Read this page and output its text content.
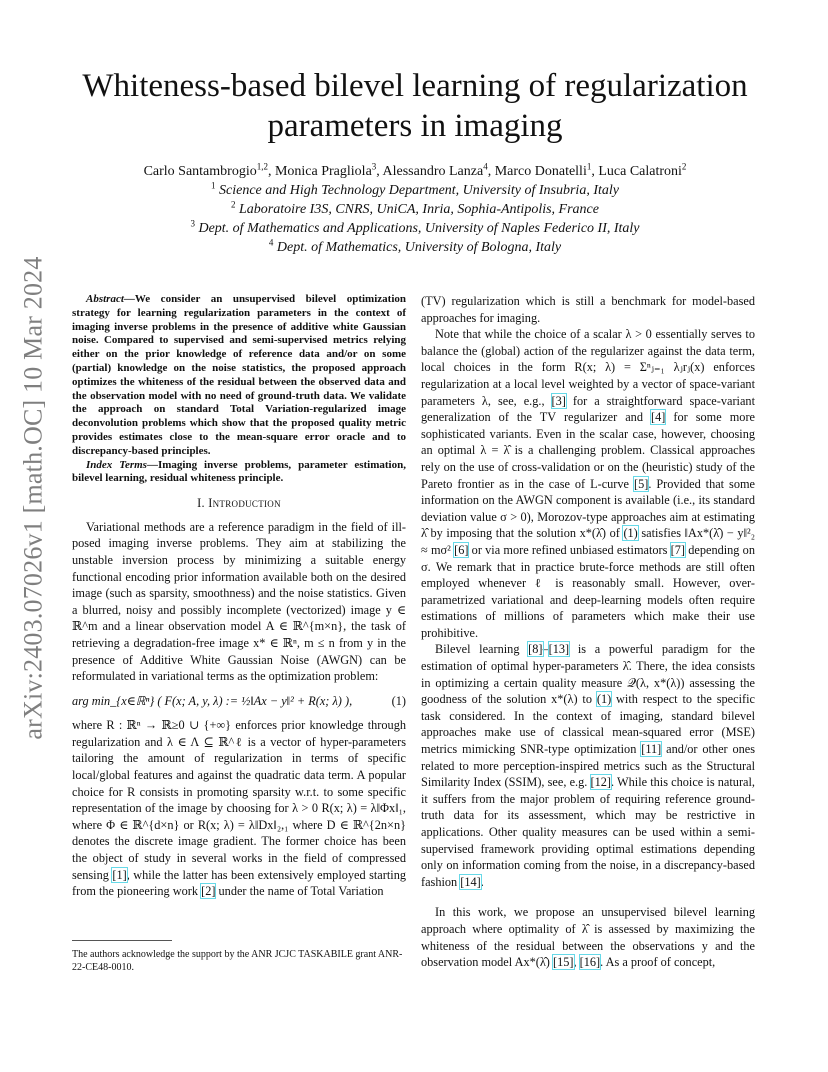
arXiv:2403.07026v1 [math.OC] 10 Mar 2024
Whiteness-based bilevel learning of regularization parameters in imaging
Carlo Santambrogio$^{1,2}$, Monica Pragliola$^3$, Alessandro Lanza$^4$, Marco Donatelli$^1$, Luca Calatroni$^2$
$^1$ Science and High Technology Department, University of Insubria, Italy
$^2$ Laboratoire I3S, CNRS, UniCA, Inria, Sophia-Antipolis, France
$^3$ Dept. of Mathematics and Applications, University of Naples Federico II, Italy
$^4$ Dept. of Mathematics, University of Bologna, Italy

Abstract—We consider an unsupervised bilevel optimization strategy for learning regularization parameters in the context of imaging inverse problems in the presence of additive white Gaussian noise. Compared to supervised and semi-supervised metrics relying either on the prior knowledge of reference data and/or on some (partial) knowledge on the noise statistics, the proposed approach optimizes the whiteness of the residual between the observed data and the observation model with no need of ground-truth data. We validate the approach on standard Total Variation-regularized image deconvolution problems which show that the proposed quality metric provides estimates close to the mean-square error oracle and to discrepancy-based principles.

Index Terms—Imaging inverse problems, parameter estimation, bilevel learning, residual whiteness principle.

I. Introduction

Variational methods are a reference paradigm in the field of ill-posed imaging inverse problems. They aim at stabilizing the unstable inversion process by minimizing a suitable energy functional encoding prior information available both on the desired image (such as sparsity, smoothness) and the noise statistics. Given a blurred, noisy and possibly incomplete (vectorized) image y ∈ ℝ^m and a linear observation model A ∈ ℝ^{m×n}, the task of retrieving a degradation-free image x* ∈ ℝⁿ, m ≤ n from y in the presence of Additive White Gaussian Noise (AWGN) can be reformulated in variational terms as the optimization problem:

arg min_{x∈ℝⁿ} ( F(x; A, y, λ) := ½‖Ax − y‖² + R(x; λ) ),	(1)

where R : ℝⁿ → ℝ≥0 ∪ {+∞} enforces prior knowledge through regularization and λ ∈ Λ ⊆ ℝ^ℓ is a vector of hyper-parameters tailoring the amount of regularization in terms of specific local/global features and against the quadratic data term. A popular choice for R consists in promoting sparsity w.r.t. to some specific representation of the image by choosing for λ > 0 R(x; λ) = λ‖Φx‖₁, where Φ ∈ ℝ^{d×n} or R(x; λ) = λ‖Dx‖₂,₁ where D ∈ ℝ^{2n×n} denotes the discrete image gradient. The former choice has been the object of study in several works in the field of compressed sensing [1], while the latter has been extensively employed starting from the pioneering work [2] under the name of Total Variation

The authors acknowledge the support by the ANR JCJC TASKABILE grant ANR-22-CE48-0010.

(TV) regularization which is still a benchmark for model-based approaches for imaging.

Note that while the choice of a scalar λ > 0 essentially serves to balance the (global) action of the regularizer against the data term, local choices in the form R(x; λ) = Σⁿⱼ₌₁ λⱼrⱼ(x) enforces regularization at a local level weighted by a vector of space-variant parameters λ, see, e.g., [3] for a straightforward space-variant generalization of the TV regularizer and [4] for some more sophisticated variants. Even in the scalar case, however, choosing an optimal λ = λ̂ is a challenging problem. Classical approaches rely on the use of cross-validation or on the (heuristic) study of the Pareto frontier as in the case of L-curve [5]. Provided that some information on the AWGN component is available (i.e., its standard deviation value σ > 0), Morozov-type approaches aim at estimating λ̂ by imposing that the solution x*(λ̂) of (1) satisfies ‖Ax*(λ̂) − y‖²₂ ≈ mσ² [6] or via more refined unbiased estimators [7] depending on σ. We remark that in practice brute-force methods are still often employed whenever ℓ is reasonably small. However, over-parametrized variational and deep-learning models often require estimations of millions of parameters which make their use prohibitive.

Bilevel learning [8]–[13] is a powerful paradigm for the estimation of optimal hyper-parameters λ̂. There, the idea consists in optimizing a certain quality measure 𝒬(λ, x*(λ)) assessing the goodness of the solution x*(λ) to (1) with respect to the specific task considered. In the context of imaging, standard bilevel approaches make use of classical mean-squared error (MSE) metrics mimicking SNR-type optimization [11] and/or other ones related to more perception-inspired metrics such as the Structural Similarity Index (SSIM), see, e.g. [12]. While this choice is natural, it suffers from the major problem of requiring reference ground-truth data for its assessment, which may be restrictive in applications. Other quality measures can be used within a semi-supervised framework providing optimal estimations depending only on information coming from the noise, in a discrepancy-based fashion [14].

In this work, we propose an unsupervised bilevel learning approach where optimality of λ̂ is assessed by maximizing the whiteness of the residual between the observations y and the observation model Ax*(λ̂) [15], [16]. As a proof of concept,
